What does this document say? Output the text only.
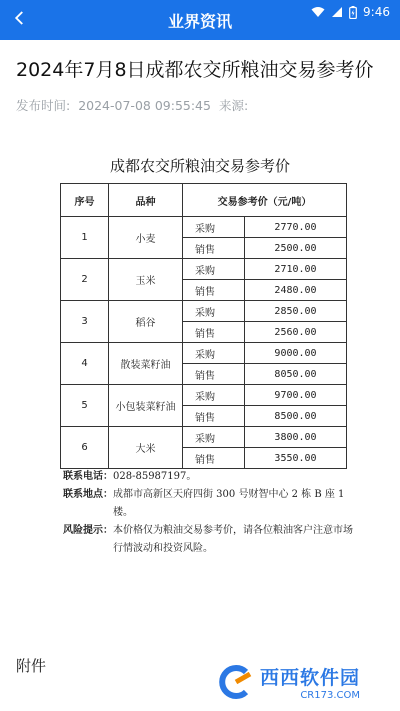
业界资讯	9:46
2024年7月8日成都农交所粮油交易参考价
发布时间: 2024-07-08 09:55:45 来源:
成都农交所粮油交易参考价
序号	品种	交易参考价（元/吨）	
1	小麦	采购	2770.00
		销售	2500.00
2	玉米	采购	2710.00
		销售	2480.00
3	稻谷	采购	2850.00
		销售	2560.00
4	散装菜籽油	采购	9000.00
		销售	8050.00
5	小包装菜籽油	采购	9700.00
		销售	8500.00
6	大米	采购	3800.00
		销售	3550.00
联系电话： 028-85987197。
联系地点： 成都市高新区天府四街 300 号财智中心 2 栋 B 座 1 楼。
风险提示： 本价格仅为粮油交易参考价，请各位粮油客户注意市场行情波动和投资风险。
附件
西西软件园
CR173.COM
